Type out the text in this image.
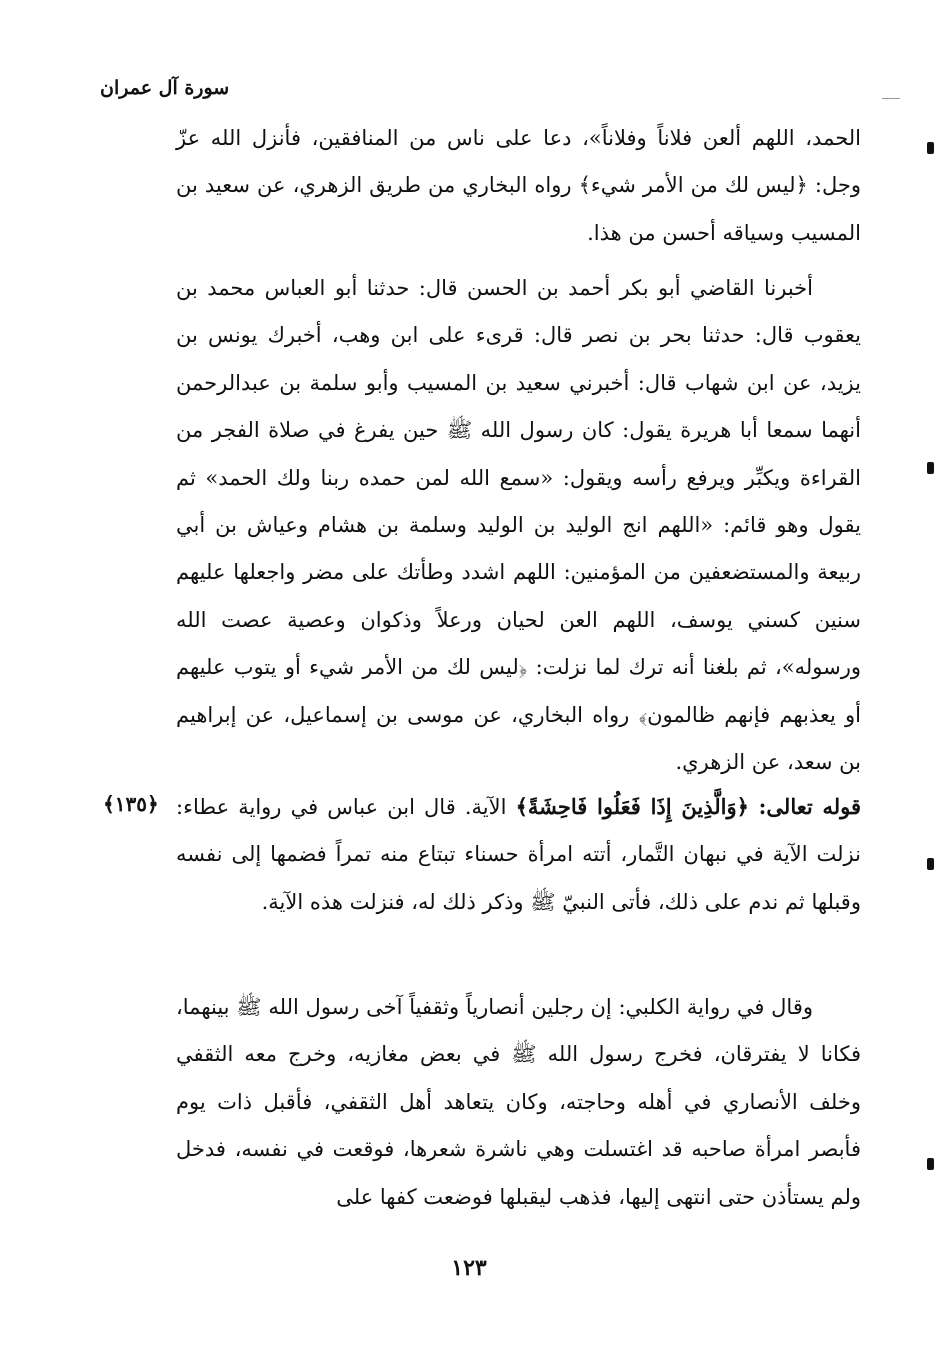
سورة آل عمران

الحمد، اللهم ألعن فلاناً وفلاناً»، دعا على ناس من المنافقين، فأنزل الله عزّ وجل: ﴿ليس لك من الأمر شيء﴾ رواه البخاري من طريق الزهري، عن سعيد بن المسيب وسياقه أحسن من هذا.

أخبرنا القاضي أبو بكر أحمد بن الحسن قال: حدثنا أبو العباس محمد بن يعقوب قال: حدثنا بحر بن نصر قال: قرىء على ابن وهب، أخبرك يونس بن يزيد، عن ابن شهاب قال: أخبرني سعيد بن المسيب وأبو سلمة بن عبدالرحمن أنهما سمعا أبا هريرة يقول: كان رسول الله ﷺ حين يفرغ في صلاة الفجر من القراءة ويكبِّر ويرفع رأسه ويقول: «سمع الله لمن حمده ربنا ولك الحمد» ثم يقول وهو قائم: «اللهم انج الوليد بن الوليد وسلمة بن هشام وعياش بن أبي ربيعة والمستضعفين من المؤمنين: اللهم اشدد وطأتك على مضر واجعلها عليهم سنين كسني يوسف، اللهم العن لحيان ورعلاً وذكوان وعصية عصت الله ورسوله»، ثم بلغنا أنه ترك لما نزلت: ﴿ليس لك من الأمر شيء أو يتوب عليهم أو يعذبهم فإنهم ظالمون﴾ رواه البخاري، عن موسى بن إسماعيل، عن إبراهيم بن سعد، عن الزهري.

﴿١٣٥﴾	قوله تعالى: ﴿وَالَّذِينَ إِذَا فَعَلُوا فَاحِشَةً﴾ الآية. قال ابن عباس في رواية عطاء: نزلت الآية في نبهان التَّمار، أتته امرأة حسناء تبتاع منه تمراً فضمها إلى نفسه وقبلها ثم ندم على ذلك، فأتى النبيّ ﷺ وذكر ذلك له، فنزلت هذه الآية.

وقال في رواية الكلبي: إن رجلين أنصارياً وثقفياً آخى رسول الله ﷺ بينهما، فكانا لا يفترقان، فخرج رسول الله ﷺ في بعض مغازيه، وخرج معه الثقفي وخلف الأنصاري في أهله وحاجته، وكان يتعاهد أهل الثقفي، فأقبل ذات يوم فأبصر امرأة صاحبه قد اغتسلت وهي ناشرة شعرها، فوقعت في نفسه، فدخل ولم يستأذن حتى انتهى إليها، فذهب ليقبلها فوضعت كفها على

١٢٣
